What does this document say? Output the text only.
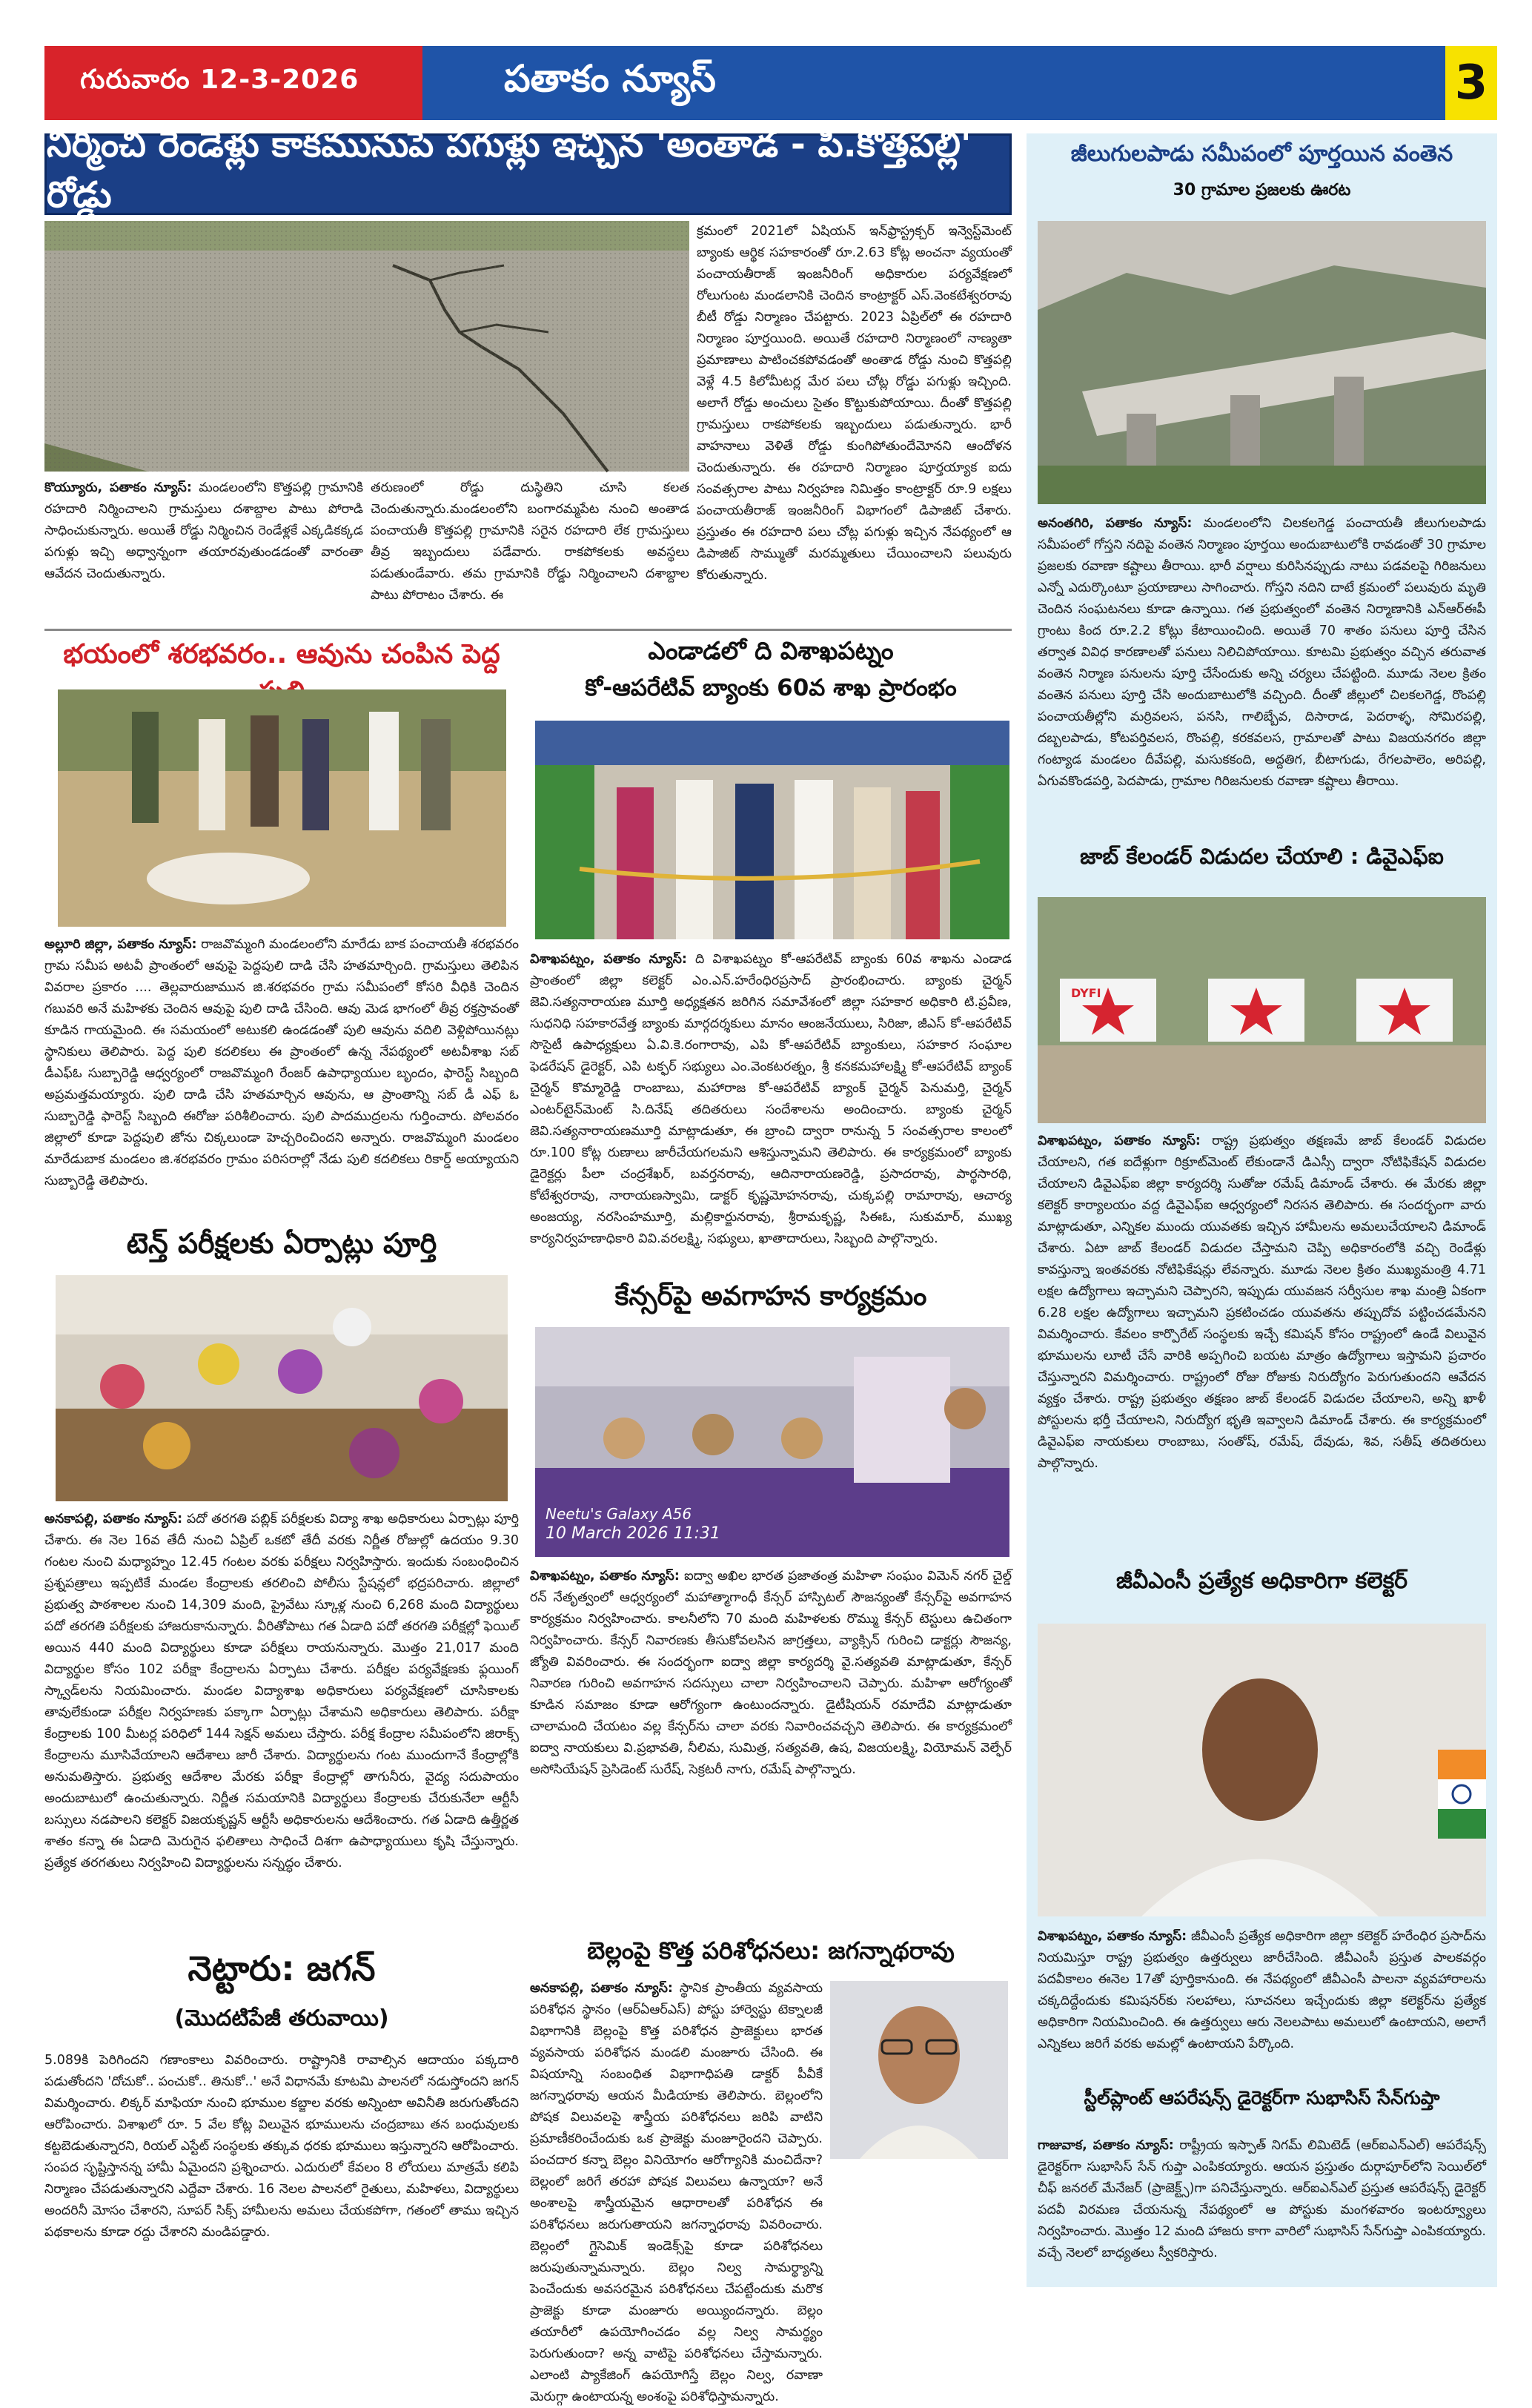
గురువారం 12-3-2026	పతాకం న్యూస్	3
నిర్మించి రెండేళ్లు కాకమునుపే పగుళ్లు ఇచ్చిన 'అంతాడ - పి.కొత్తపల్లి' రోడ్డు
కొయ్యూరు, పతాకం న్యూస్: మండలంలోని కొత్తపల్లి గ్రామానికి రహదారి నిర్మించాలని గ్రామస్తులు దశాబ్దాల పాటు పోరాడి సాధించుకున్నారు. అయితే రోడ్డు నిర్మించిన రెండేళ్లకే ఎక్కడికక్కడ పగుళ్లు ఇచ్చి అధ్వాన్నంగా తయారవుతుండడంతో వారంతా ఆవేదన చెందుతున్నారు.
తరుణంలో రోడ్డు దుస్థితిని చూసి కలత చెందుతున్నారు.మండలంలోని బంగారమ్మపేట నుంచి అంతాడ పంచాయతీ కొత్తపల్లి గ్రామానికి సరైన రహదారి లేక గ్రామస్తులు తీవ్ర ఇబ్బందులు పడేవారు. రాకపోకలకు అవస్థలు పడుతుండేవారు. తమ గ్రామానికి రోడ్డు నిర్మించాలని దశాబ్దాల పాటు పోరాటం చేశారు. ఈ
క్రమంలో 2021లో ఏషియన్ ఇన్‌ఫ్రాస్ట్రక్చర్ ఇన్వెస్ట్‌మెంట్ బ్యాంకు ఆర్థిక సహకారంతో రూ.2.63 కోట్ల అంచనా వ్యయంతో పంచాయతీరాజ్ ఇంజనీరింగ్ అధికారుల పర్యవేక్షణలో రోలుగుంట మండలానికి చెందిన కాంట్రాక్టర్ ఎస్.వెంకటేశ్వరరావు బీటీ రోడ్డు నిర్మాణం చేపట్టారు. 2023 ఏప్రిల్‌లో ఈ రహదారి నిర్మాణం పూర్తయింది. అయితే రహదారి నిర్మాణంలో నాణ్యతా ప్రమాణాలు పాటించకపోవడంతో అంతాడ రోడ్డు నుంచి కొత్తపల్లి వెళ్లే 4.5 కిలోమీటర్ల మేర పలు చోట్ల రోడ్డు పగుళ్లు ఇచ్చింది. అలాగే రోడ్డు అంచులు సైతం కొట్టుకుపోయాయి. దీంతో కొత్తపల్లి గ్రామస్తులు రాకపోకలకు ఇబ్బందులు పడుతున్నారు. భారీ వాహనాలు వెళితే రోడ్డు కుంగిపోతుందేమోనని ఆందోళన చెందుతున్నారు. ఈ రహదారి నిర్మాణం పూర్తయ్యాక ఐదు సంవత్సరాల పాటు నిర్వహణ నిమిత్తం కాంట్రాక్టర్ రూ.9 లక్షలు పంచాయతీరాజ్ ఇంజనీరింగ్ విభాగంలో డిపాజిట్ చేశారు. ప్రస్తుతం ఈ రహదారి పలు చోట్ల పగుళ్లు ఇచ్చిన నేపథ్యంలో ఆ డిపాజిట్ సొమ్ముతో మరమ్మతులు చేయించాలని పలువురు కోరుతున్నారు.
భయంలో శరభవరం.. ఆవును చంపిన పెద్ద
అల్లూరి జిల్లా, పతాకం న్యూస్: రాజవొమ్మంగి మండలంలోని మారేడు బాక పంచాయతీ శరభవరం గ్రామ సమీప అటవీ ప్రాంతంలో ఆవుపై పెద్దపులి దాడి చేసి హతమార్చింది. గ్రామస్తులు తెలిపిన వివరాల ప్రకారం .... తెల్లవారుజామున జి.శరభవరం గ్రామ సమీపంలో కోసరి వీధికి చెందిన గబువరి అనే మహిళకు చెందిన ఆవుపై పులి దాడి చేసింది. ఆవు మెడ భాగంలో తీవ్ర రక్తస్రావంతో కూడిన గాయమైంది. ఈ సమయంలో అటుకలి ఉండడంతో పులి ఆవును వదిలి వెళ్లిపోయినట్లు స్థానికులు తెలిపారు. పెద్ద పులి కదలికలు ఈ ప్రాంతంలో ఉన్న నేపథ్యంలో అటవీశాఖ సబ్ డీఎఫ్‌ఓ సుబ్బారెడ్డి ఆధ్వర్యంలో రాజవొమ్మంగి రేంజర్ ఉపాధ్యాయుల బృందం, ఫారెస్ట్ సిబ్బంది అప్రమత్తమయ్యారు. పులి దాడి చేసి హతమార్చిన ఆవును, ఆ ప్రాంతాన్ని సబ్ డీ ఎఫ్ ఓ సుబ్బారెడ్డి ఫారెస్ట్ సిబ్బంది ఈరోజు పరిశీలించారు. పులి పాదముద్రలను గుర్తించారు. పోలవరం జిల్లాలో కూడా పెద్దపులి జోను చిక్కలుండా హెచ్చరించిందని అన్నారు. రాజవొమ్మంగి మండలం మారేడుబాక మండలం జి.శరభవరం గ్రామం పరిసరాల్లో నేడు పులి కదలికలు రికార్డ్ అయ్యాయని సుబ్బారెడ్డి తెలిపారు.
టెన్త్ పరీక్షలకు ఏర్పాట్లు పూర్తి
అనకాపల్లి, పతాకం న్యూస్: పదో తరగతి పబ్లిక్ పరీక్షలకు విద్యా శాఖ అధికారులు ఏర్పాట్లు పూర్తి చేశారు. ఈ నెల 16వ తేదీ నుంచి ఏప్రిల్ ఒకటో తేదీ వరకు నిర్ణీత రోజుల్లో ఉదయం 9.30 గంటల నుంచి మధ్యాహ్నం 12.45 గంటల వరకు పరీక్షలు నిర్వహిస్తారు. ఇందుకు సంబంధించిన ప్రశ్నపత్రాలు ఇప్పటికే మండల కేంద్రాలకు తరలించి పోలీసు స్టేషన్లలో భద్రపరిచారు. జిల్లాలో ప్రభుత్వ పాఠశాలల నుంచి 14,309 మంది, ప్రైవేటు స్కూళ్ల నుంచి 6,268 మంది విద్యార్థులు పదో తరగతి పరీక్షలకు హాజరుకానున్నారు. వీరితోపాటు గత ఏడాది పదో తరగతి పరీక్షల్లో ఫెయిల్ అయిన 440 మంది విద్యార్థులు కూడా పరీక్షలు రాయనున్నారు. మొత్తం 21,017 మంది విద్యార్థుల కోసం 102 పరీక్షా కేంద్రాలను ఏర్పాటు చేశారు. పరీక్షల పర్యవేక్షణకు ఫ్లయింగ్ స్క్వాడ్‌లను నియమించారు. మండల విద్యాశాఖ అధికారులు పర్యవేక్షణలో చూసికాలకు తావులేకుండా పరీక్షల నిర్వహణకు పక్కాగా ఏర్పాట్లు చేశామని అధికారులు తెలిపారు. పరీక్షా కేంద్రాలకు 100 మీటర్ల పరిధిలో 144 సెక్షన్ అమలు చేస్తారు. పరీక్ష కేంద్రాల సమీపంలోని జిరాక్స్ కేంద్రాలను మూసివేయాలని ఆదేశాలు జారీ చేశారు. విద్యార్థులను గంట ముందుగానే కేంద్రాల్లోకి అనుమతిస్తారు. ప్రభుత్వ ఆదేశాల మేరకు పరీక్షా కేంద్రాల్లో తాగునీరు, వైద్య సదుపాయం అందుబాటులో ఉంచుతున్నారు. నిర్ణీత సమయానికి విద్యార్థులు కేంద్రాలకు చేరుకునేలా ఆర్టీసీ బస్సులు నడపాలని కలెక్టర్ విజయకృష్ణన్ ఆర్టీసీ అధికారులను ఆదేశించారు. గత ఏడాది ఉత్తీర్ణత శాతం కన్నా ఈ ఏడాది మెరుగైన ఫలితాలు సాధించే దిశగా ఉపాధ్యాయులు కృషి చేస్తున్నారు. ప్రత్యేక తరగతులు నిర్వహించి విద్యార్థులను సన్నద్ధం చేశారు.
నెట్టారు: జగన్
(మొదటిపేజీ తరువాయి)
5.089కి పెరిగిందని గణాంకాలు వివరించారు. రాష్ట్రానికి రావాల్సిన ఆదాయం పక్కదారి పడుతోందని 'దోచుకో.. పంచుకో.. తినుకో..' అనే విధానమే కూటమి పాలనలో నడుస్తోందని జగన్ విమర్శించారు. లిక్కర్ మాఫియా నుంచి భూముల కబ్జాల వరకు అన్నింటా అవినీతి జరుగుతోందని ఆరోపించారు. విశాఖలో రూ. 5 వేల కోట్ల విలువైన భూములను చంద్రబాబు తన బంధువులకు కట్టబెడుతున్నారని, రియల్ ఎస్టేట్ సంస్థలకు తక్కువ ధరకు భూములు ఇస్తున్నారని ఆరోపించారు. సంపద సృష్టిస్తానన్న హామీ ఏమైందని ప్రశ్నించారు. ఎదురులో కేవలం 8 లోయలు మాత్రమే కలిపి నిర్మాణం చేపడుతున్నారని ఎద్దేవా చేశారు. 16 నెలల పాలనలో రైతులు, మహిళలు, విద్యార్థులు అందరినీ మోసం చేశారని, సూపర్ సిక్స్ హామీలను అమలు చేయకపోగా, గతంలో తాము ఇచ్చిన పథకాలను కూడా రద్దు చేశారని మండిపడ్డారు.
ఎండాడలో ది విశాఖపట్నం
కో-ఆపరేటివ్ బ్యాంకు 60వ శాఖ ప్రారంభం
విశాఖపట్నం, పతాకం న్యూస్: ది విశాఖపట్నం కో-ఆపరేటివ్ బ్యాంకు 60వ శాఖను ఎండాడ ప్రాంతంలో జిల్లా కలెక్టర్ ఎం.ఎన్.హరేంధిరప్రసాద్ ప్రారంభించారు. బ్యాంకు చైర్మన్ జెవి.సత్యనారాయణ మూర్తి అధ్యక్షతన జరిగిన సమావేశంలో జిల్లా సహకార అధికారి టి.ప్రవీణ, సుధనిధి సహకారవేత్త బ్యాంకు మార్గదర్శకులు మానం ఆంజనేయులు, సిరిజా, జీఎస్ కో-ఆపరేటివ్ సొసైటీ ఉపాధ్యక్షులు ఏ.వి.కె.రంగారావు, ఎపి కో-ఆపరేటివ్ బ్యాంకులు, సహకార సంఘాల ఫెడరేషన్ డైరెక్టర్, ఎపి టక్ఫర్ సభ్యులు ఎం.వెంకటరత్నం, శ్రీ కనకమహాలక్ష్మి కో-ఆపరేటివ్ బ్యాంక్ చైర్మన్ కొమ్మారెడ్డి రాంబాబు, మహారాజ కో-ఆపరేటివ్ బ్యాంక్ చైర్మన్ పెనుమర్తి, చైర్మన్ ఎంటర్‌టైన్‌మెంట్ సి.దినేష్ తదితరులు సందేశాలను అందించారు. బ్యాంకు చైర్మన్ జెవి.సత్యనారాయణమూర్తి మాట్లాడుతూ, ఈ బ్రాంచి ద్వారా రానున్న 5 సంవత్సరాల కాలంలో రూ.100 కోట్ల రుణాలు జారీచేయగలమని ఆశిస్తున్నామని తెలిపారు. ఈ కార్యక్రమంలో బ్యాంకు డైరెక్టర్లు పీలా చంద్రశేఖర్, బవర్తనరావు, ఆదినారాయణరెడ్డి, ప్రసాదరావు, పార్థసారథి, కోటేశ్వరరావు, నారాయణస్వామి, డాక్టర్ కృష్ణమోహనరావు, చుక్కపల్లి రామారావు, ఆచార్య అంజయ్య, నరసింహమూర్తి, మల్లికార్జునరావు, శ్రీరామకృష్ణ, సిఈఓ, సుకుమార్, ముఖ్య కార్యనిర్వహణాధికారి వివి.వరలక్ష్మి, సభ్యులు, ఖాతాదారులు, సిబ్బంది పాల్గొన్నారు.
కేన్సర్‌పై అవగాహన కార్యక్రమం
Neetu's Galaxy A56
10 March 2026 11:31
విశాఖపట్నం, పతాకం న్యూస్: ఐద్వా అఖిల భారత ప్రజాతంత్ర మహిళా సంఘం విమెన్ నగర్ చైల్డ్ రన్ నేతృత్వంలో ఆధ్వర్యంలో మహాత్మాగాంధీ కేన్సర్ హాస్పిటల్ సౌజన్యంతో కేన్సర్‌పై అవగాహన కార్యక్రమం నిర్వహించారు. కాలనీలోని 70 మంది మహిళలకు రొమ్ము కేన్సర్ టెస్టులు ఉచితంగా నిర్వహించారు. కేన్సర్ నివారణకు తీసుకోవలసిన జాగ్రత్తలు, వ్యాక్సిన్ గురించి డాక్టర్లు సౌజన్య, జ్యోతి వివరించారు. ఈ సందర్భంగా ఐద్వా జిల్లా కార్యదర్శి వై.సత్యవతి మాట్లాడుతూ, కేన్సర్ నివారణ గురించి అవగాహన సదస్సులు చాలా నిర్వహించాలని చెప్పారు. మహిళా ఆరోగ్యంతో కూడిన సమాజం కూడా ఆరోగ్యంగా ఉంటుందన్నారు. డైటీషియన్ రమాదేవి మాట్లాడుతూ చాలామంది చేయటం వల్ల కేన్సర్‌ను చాలా వరకు నివారించవచ్చని తెలిపారు. ఈ కార్యక్రమంలో ఐద్వా నాయకులు వి.ప్రభావతి, నీలిమ, సుమిత్ర, సత్యవతి, ఉష, విజయలక్ష్మి, వియోమన్ వెల్ఫేర్ అసోసియేషన్ ప్రెసిడెంట్ సురేష్, సెక్రటరీ నాగు, రమేష్ పాల్గొన్నారు.
బెల్లంపై కొత్త పరిశోధనలు: జగన్నాథరావు
అనకాపల్లి, పతాకం న్యూస్: స్థానిక ప్రాంతీయ వ్యవసాయ పరిశోధన స్థానం (ఆర్ఏఆర్ఎస్) పోస్టు హార్వెస్టు టెక్నాలజీ విభాగానికి బెల్లంపై కొత్త పరిశోధన ప్రాజెక్టులు భారత వ్యవసాయ పరిశోధన మండలి మంజూరు చేసింది. ఈ విషయాన్ని సంబంధిత విభాగాధిపతి డాక్టర్ పీవీకే జగన్నాధరావు ఆయన మీడియాకు తెలిపారు. బెల్లంలోని పోషక విలువలపై శాస్త్రీయ పరిశోధనలు జరిపి వాటిని ప్రమాణీకరించేందుకు ఒక ప్రాజెక్టు మంజూరైందని చెప్పారు. పంచదార కన్నా బెల్లం వినియోగం ఆరోగ్యానికి మంచిదేనా? బెల్లంలో జరిగే తరహా పోషక విలువలు ఉన్నాయా? అనే అంశాలపై శాస్త్రీయమైన ఆధారాలతో పరిశోధన ఈ పరిశోధనలు జరుగుతాయని జగన్నాధరావు వివరించారు. బెల్లంలో గ్లైసెమిక్ ఇండెక్స్‌పై కూడా పరిశోధనలు జరుపుతున్నామన్నారు. బెల్లం నిల్వ సామర్థ్యాన్ని పెంచేందుకు అవసరమైన పరిశోధనలు చేపట్టేందుకు మరొక ప్రాజెక్టు కూడా మంజూరు అయ్యిందన్నారు. బెల్లం తయారీలో ఉపయోగించడం వల్ల నిల్వ సామర్థ్యం పెరుగుతుందా? అన్న వాటిపై పరిశోధనలు చేస్తామన్నారు. ఎలాంటి ప్యాకేజింగ్ ఉపయోగిస్తే బెల్లం నిల్వ, రవాణా మెరుగ్గా ఉంటాయన్న అంశంపై పరిశోధిస్తామన్నారు.
జీలుగులపాడు సమీపంలో పూర్తయిన వంతెన
30 గ్రామాల ప్రజలకు ఊరట
అనంతగిరి, పతాకం న్యూస్: మండలంలోని చిలకలగెడ్డ పంచాయతీ జీలుగులపాడు సమీపంలో గోస్తని నదిపై వంతెన నిర్మాణం పూర్తయి అందుబాటులోకి రావడంతో 30 గ్రామాల ప్రజలకు రవాణా కష్టాలు తీరాయి. భారీ వర్షాలు కురిసినప్పుడు నాటు పడవలపై గిరిజనులు ఎన్నో ఎదుర్కొంటూ ప్రయాణాలు సాగించారు. గోస్తని నదిని దాటే క్రమంలో పలువురు మృతి చెందిన సంఘటనలు కూడా ఉన్నాయి. గత ప్రభుత్వంలో వంతెన నిర్మాణానికి ఎన్ఆర్ఈపీ గ్రాంటు కింద రూ.2.2 కోట్లు కేటాయించింది. అయితే 70 శాతం పనులు పూర్తి చేసిన తర్వాత వివిధ కారణాలతో పనులు నిలిచిపోయాయి. కూటమి ప్రభుత్వం వచ్చిన తరువాత వంతెన నిర్మాణ పనులను పూర్తి చేసేందుకు అన్ని చర్యలు చేపట్టింది. మూడు నెలల క్రితం వంతెన పనులు పూర్తి చేసి అందుబాటులోకి వచ్చింది. దీంతో జీల్లులో చిలకలగెడ్డ, రొంపల్లి పంచాయతీల్లోని మర్రివలస, పనసి, గాలిబ్బేవ, దిసారాడ, పెదరాళ్ళ, సోమిరపల్లి, దబ్బలపాడు, కోటపర్తివలస, రొంపల్లి, కరకవలస, గ్రామాలతో పాటు విజయనగరం జిల్లా గంట్యాడ మండలం దీవేపల్లి, మసుకకంది, అద్దతిగ, బీటాగుడు, రేగలపాలెం, అరిపల్లి, ఏగువకొండపర్తి, పెదపాడు, గ్రామాల గిరిజనులకు రవాణా కష్టాలు తీరాయి.
జాబ్ కేలండర్ విడుదల చేయాలి : డివైఎఫ్ఐ
DYFI
విశాఖపట్నం, పతాకం న్యూస్: రాష్ట్ర ప్రభుత్వం తక్షణమే జాబ్ కేలండర్ విడుదల చేయాలని, గత ఐదేళ్లుగా రిక్రూట్‌మెంట్ లేకుండానే డిఎస్సీ ద్వారా నోటిఫికేషన్ విడుదల చేయాలని డివైఎఫ్ఐ జిల్లా కార్యదర్శి సుతోజు రమేష్ డిమాండ్ చేశారు. ఈ మేరకు జిల్లా కలెక్టర్ కార్యాలయం వద్ద డివైఎఫ్ఐ ఆధ్వర్యంలో నిరసన తెలిపారు. ఈ సందర్భంగా వారు మాట్లాడుతూ, ఎన్నికల ముందు యువతకు ఇచ్చిన హామీలను అమలుచేయాలని డిమాండ్ చేశారు. ఏటా జాబ్ కేలండర్ విడుదల చేస్తామని చెప్పి అధికారంలోకి వచ్చి రెండేళ్లు కావస్తున్నా ఇంతవరకు నోటిఫికేషన్లు లేవన్నారు. మూడు నెలల క్రితం ముఖ్యమంత్రి 4.71 లక్షల ఉద్యోగాలు ఇచ్చామని చెప్పారని, ఇప్పుడు యువజన సర్వీసుల శాఖ మంత్రి ఏకంగా 6.28 లక్షల ఉద్యోగాలు ఇచ్చామని ప్రకటించడం యువతను తప్పుదోవ పట్టించడమేనని విమర్శించారు. కేవలం కార్పొరేట్ సంస్థలకు ఇచ్చే కమిషన్ కోసం రాష్ట్రంలో ఉండే విలువైన భూములను లూటీ చేసే వారికి అప్పగించి బయట మాత్రం ఉద్యోగాలు ఇస్తామని ప్రచారం చేస్తున్నారని విమర్శించారు. రాష్ట్రంలో రోజు రోజుకు నిరుద్యోగం పెరుగుతుందని ఆవేదన వ్యక్తం చేశారు. రాష్ట్ర ప్రభుత్వం తక్షణం జాబ్ కేలండర్ విడుదల చేయాలని, అన్ని ఖాళీ పోస్టులను భర్తీ చేయాలని, నిరుద్యోగ భృతి ఇవ్వాలని డిమాండ్ చేశారు. ఈ కార్యక్రమంలో డివైఎఫ్ఐ నాయకులు రాంబాబు, సంతోష్, రమేష్, దేవుడు, శివ, సతీష్ తదితరులు పాల్గొన్నారు.
జీవీఎంసీ ప్రత్యేక అధికారిగా కలెక్టర్
విశాఖపట్నం, పతాకం న్యూస్: జీవీఎంసీ ప్రత్యేక అధికారిగా జిల్లా కలెక్టర్ హరేంధిర ప్రసాద్‌ను నియమిస్తూ రాష్ట్ర ప్రభుత్వం ఉత్తర్వులు జారీచేసింది. జీవీఎంసీ ప్రస్తుత పాలకవర్గం పదవీకాలం ఈనెల 17తో పూర్తికానుంది. ఈ నేపథ్యంలో జీవీఎంసీ పాలనా వ్యవహారాలను చక్కదిద్దేందుకు కమిషనర్‌కు సలహాలు, సూచనలు ఇచ్చేందుకు జిల్లా కలెక్టర్‌ను ప్రత్యేక అధికారిగా నియమించింది. ఈ ఉత్తర్వులు ఆరు నెలలపాటు అమలులో ఉంటాయని, అలాగే ఎన్నికలు జరిగే వరకు అమల్లో ఉంటాయని పేర్కొంది.
స్టీల్‌ప్లాంట్ ఆపరేషన్స్ డైరెక్టర్‌గా సుభాసిస్ సేన్‌గుప్తా
గాజువాక, పతాకం న్యూస్: రాష్ట్రీయ ఇస్పాత్ నిగమ్ లిమిటెడ్ (ఆర్ఐఎన్ఎల్) ఆపరేషన్స్ డైరెక్టర్‌గా సుభాసిస్ సేన్ గుప్తా ఎంపికయ్యారు. ఆయన ప్రస్తుతం దుర్గాపూర్‌లోని సెయిల్‌లో చీఫ్ జనరల్ మేనేజర్ (ప్రాజెక్ట్స్)గా పనిచేస్తున్నారు. ఆర్ఐఎన్ఎల్ ప్రస్తుత ఆపరేషన్స్ డైరెక్టర్ పదవీ విరమణ చేయనున్న నేపథ్యంలో ఆ పోస్టుకు మంగళవారం ఇంటర్వ్యూలు నిర్వహించారు. మొత్తం 12 మంది హాజరు కాగా వారిలో సుభాసిస్ సేన్‌గుప్తా ఎంపికయ్యారు. వచ్చే నెలలో బాధ్యతలు స్వీకరిస్తారు.
